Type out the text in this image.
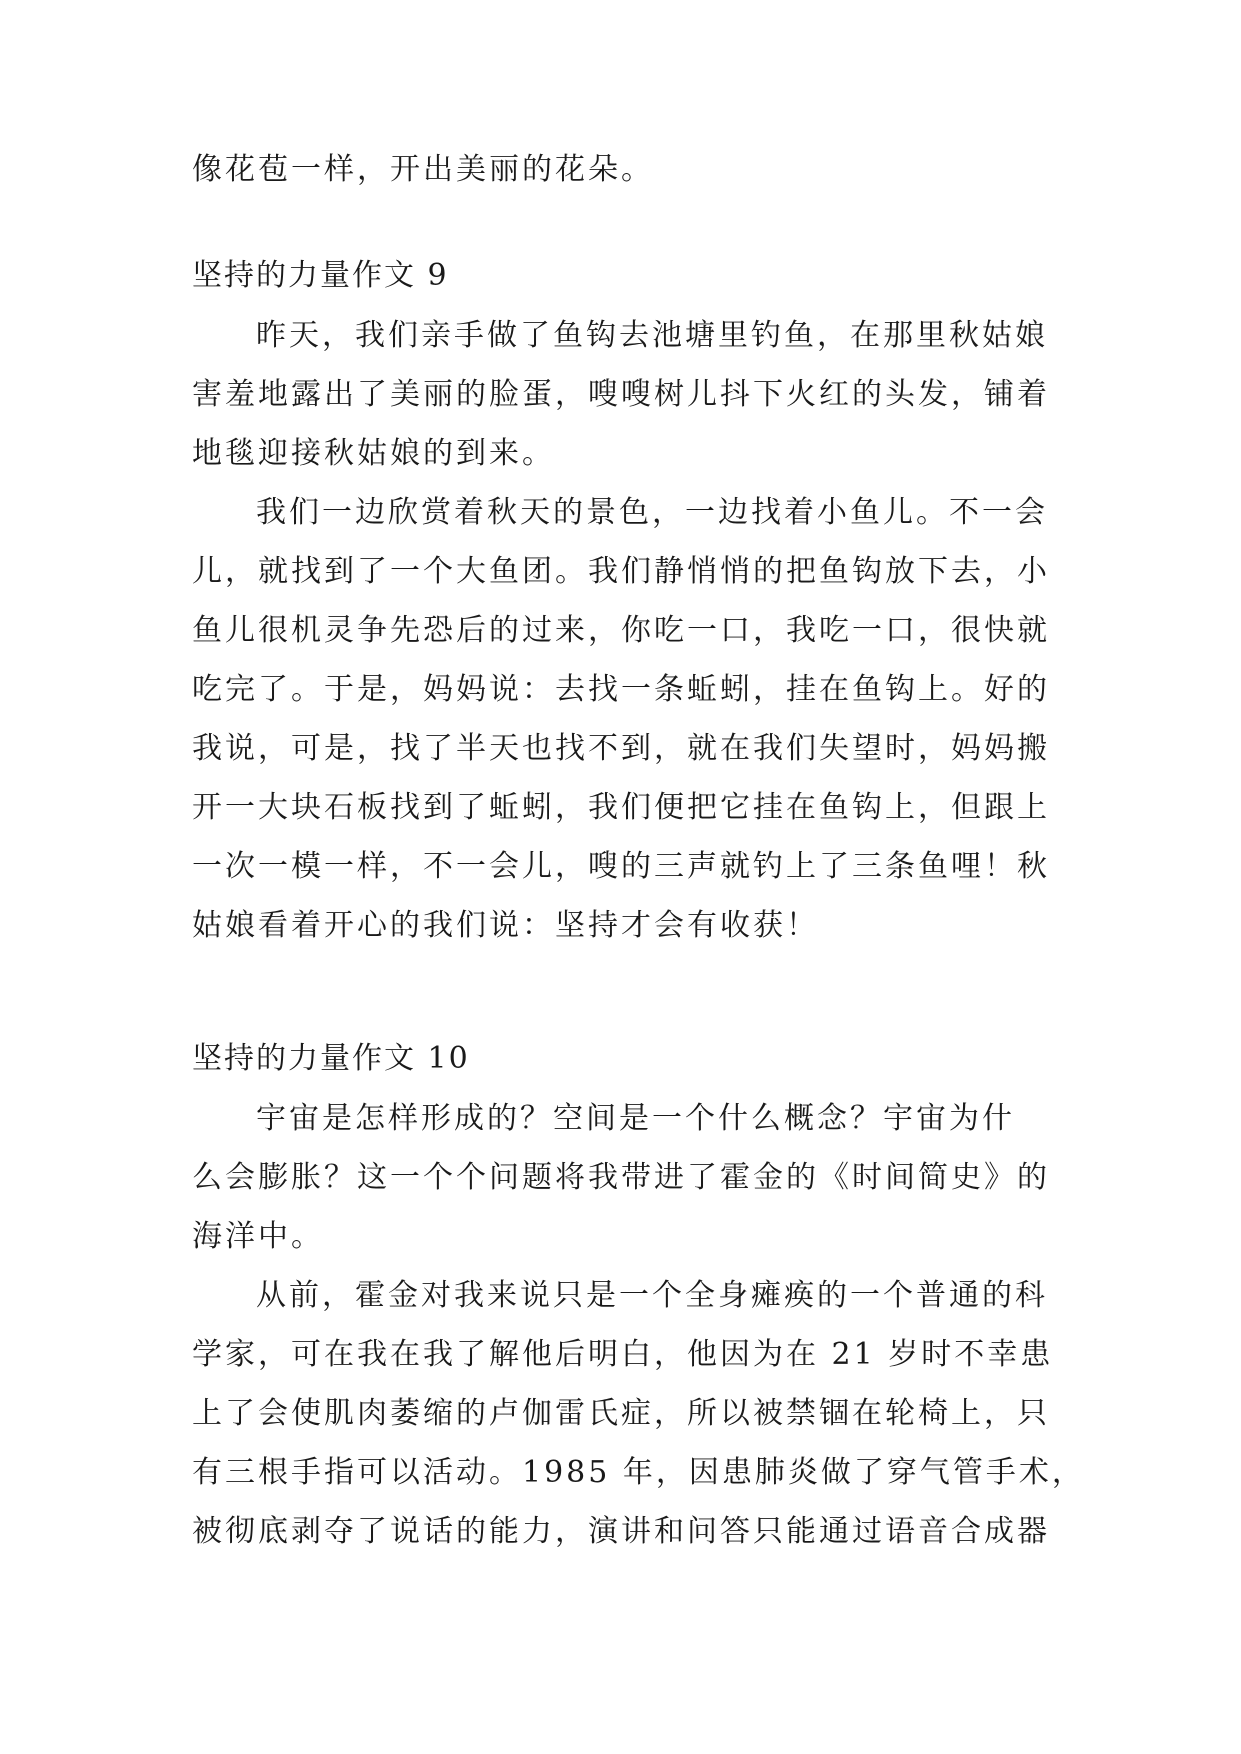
像花苞一样，开出美丽的花朵。
坚持的力量作文 9
昨天，我们亲手做了鱼钩去池塘里钓鱼，在那里秋姑娘
害羞地露出了美丽的脸蛋，嗖嗖树儿抖下火红的头发，铺着
地毯迎接秋姑娘的到来。
我们一边欣赏着秋天的景色，一边找着小鱼儿。不一会
儿，就找到了一个大鱼团。我们静悄悄的把鱼钩放下去，小
鱼儿很机灵争先恐后的过来，你吃一口，我吃一口，很快就
吃完了。于是，妈妈说：去找一条蚯蚓，挂在鱼钩上。好的
我说，可是，找了半天也找不到，就在我们失望时，妈妈搬
开一大块石板找到了蚯蚓，我们便把它挂在鱼钩上，但跟上
一次一模一样，不一会儿，嗖的三声就钓上了三条鱼哩！秋
姑娘看着开心的我们说：坚持才会有收获！
坚持的力量作文 10
宇宙是怎样形成的？空间是一个什么概念？宇宙为什
么会膨胀？这一个个问题将我带进了霍金的《时间简史》的
海洋中。
从前，霍金对我来说只是一个全身瘫痪的一个普通的科
学家，可在我在我了解他后明白，他因为在 21 岁时不幸患
上了会使肌肉萎缩的卢伽雷氏症，所以被禁锢在轮椅上，只
有三根手指可以活动。1985 年，因患肺炎做了穿气管手术，
被彻底剥夺了说话的能力，演讲和问答只能通过语音合成器
